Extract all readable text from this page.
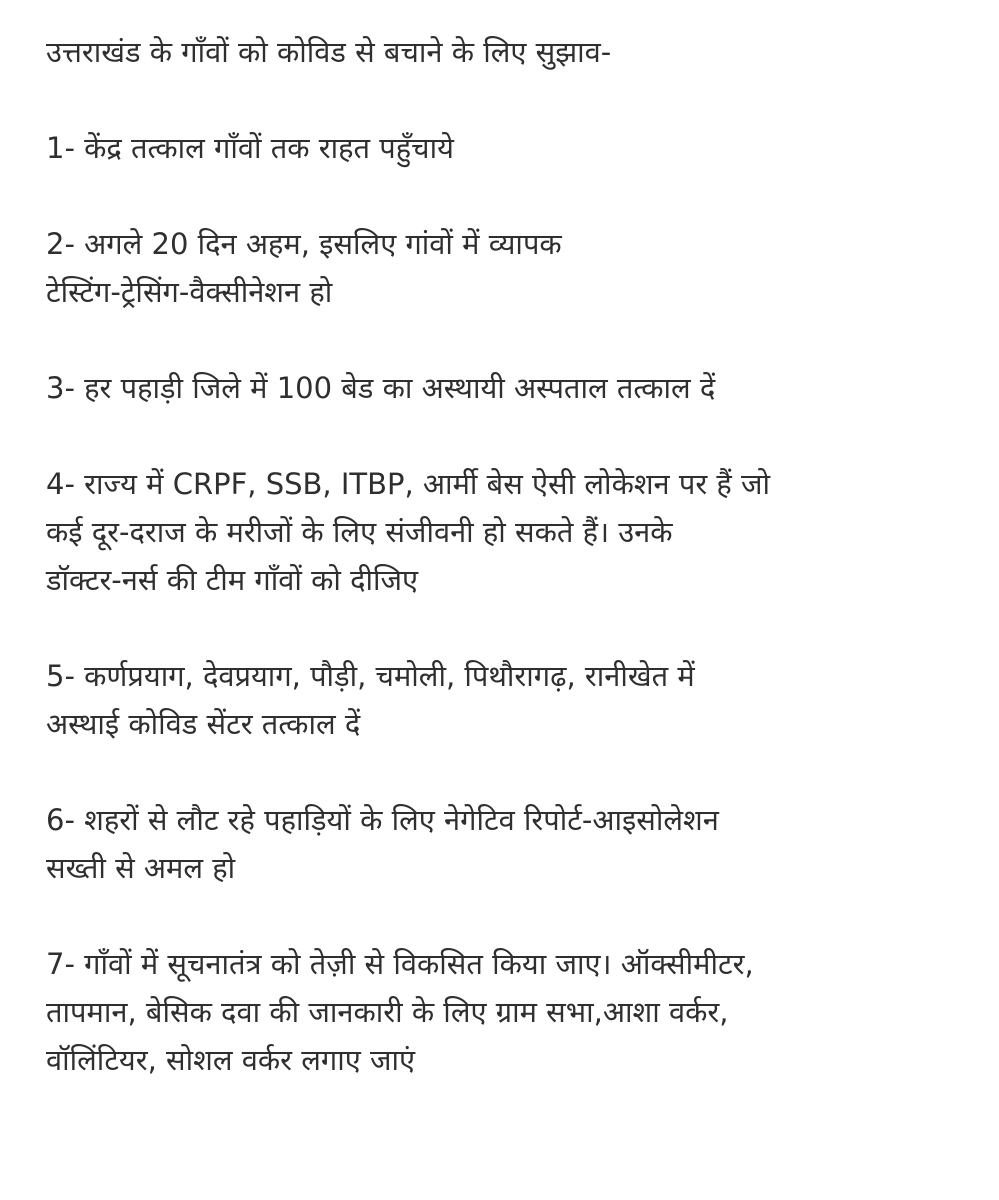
उत्तराखंड के गाँवों को कोविड से बचाने के लिए सुझाव-
1- केंद्र तत्काल गाँवों तक राहत पहुँचाये
2- अगले 20 दिन अहम, इसलिए गांवों में व्यापक
टेस्टिंग-ट्रेसिंग-वैक्सीनेशन हो
3- हर पहाड़ी जिले में 100 बेड का अस्थायी अस्पताल तत्काल दें
4- राज्य में CRPF, SSB, ITBP, आर्मी बेस ऐसी लोकेशन पर हैं जो
कई दूर-दराज के मरीजों के लिए संजीवनी हो सकते हैं। उनके
डॉक्टर-नर्स की टीम गाँवों को दीजिए
5- कर्णप्रयाग, देवप्रयाग, पौड़ी, चमोली, पिथौरागढ़, रानीखेत में
अस्थाई कोविड सेंटर तत्काल दें
6- शहरों से लौट रहे पहाड़ियों के लिए नेगेटिव रिपोर्ट-आइसोलेशन
सख्ती से अमल हो
7- गाँवों में सूचनातंत्र को तेज़ी से विकसित किया जाए। ऑक्सीमीटर,
तापमान, बेसिक दवा की जानकारी के लिए ग्राम सभा,आशा वर्कर,
वॉलिंटियर, सोशल वर्कर लगाए जाएं
